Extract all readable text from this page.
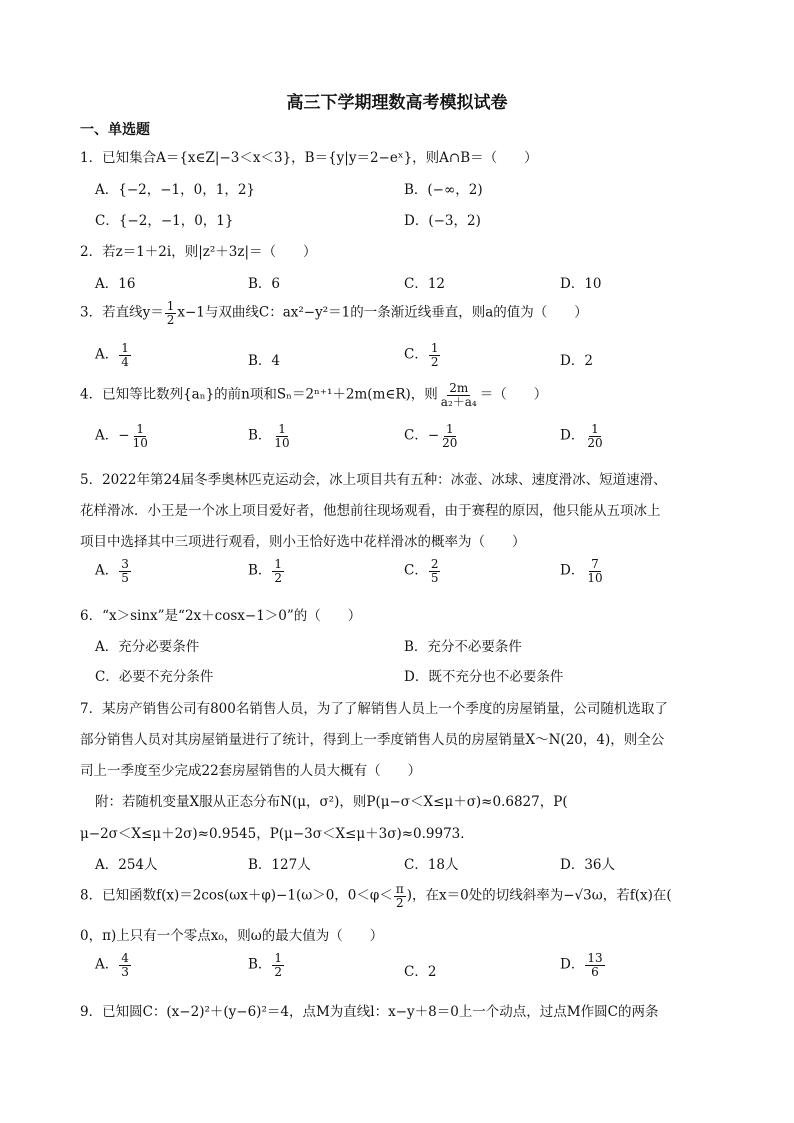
高三下学期理数高考模拟试卷
一、单选题
1．已知集合A＝{x∈Z|−3＜x＜3}，B＝{y|y＝2−eˣ}，则A∩B＝（　　）
A．{−2，−1，0，1，2}	B．(−∞，2)
C．{−2，−1，0，1}	D．(−3，2)
2．若z＝1＋2i，则|z²＋3z|＝（　　）
A．16	B．6	C．12	D．10
3．若直线$y= \frac{1}{2} x-1$与双曲线C：ax²−y²＝1的一条渐近线垂直，则a的值为（　　）
A． $\frac{1}{4}$	B．4	C． $\frac{1}{2}$	D．2
4．已知等比数列{aₙ}的前n项和Sₙ＝2ⁿ⁺¹＋2m(m∈R)，则 $\frac{2m}{\text{a₂＋a₄}}$ ＝（　　）
A．− $\frac{1}{10}$	B． $\frac{1}{10}$	C．− $\frac{1}{20}$	D． $\frac{1}{20}$
5．2022年第24届冬季奥林匹克运动会，冰上项目共有五种：冰壶、冰球、速度滑冰、短道速滑、
花样滑冰．小王是一个冰上项目爱好者，他想前往现场观看，由于赛程的原因，他只能从五项冰上
项目中选择其中三项进行观看，则小王恰好选中花样滑冰的概率为（　　）
A． $\frac{3}{5}$	B． $\frac{1}{2}$	C． $\frac{2}{5}$	D． $\frac{7}{10}$
6．“x＞sinx”是“2x＋cosx−1＞0”的（　　）
A．充分必要条件	B．充分不必要条件
C．必要不充分条件	D．既不充分也不必要条件
7．某房产销售公司有800名销售人员，为了了解销售人员上一个季度的房屋销量，公司随机选取了
部分销售人员对其房屋销量进行了统计，得到上一季度销售人员的房屋销量X～N(20，4)，则全公
司上一季度至少完成22套房屋销售的人员大概有（　　）
附：若随机变量X服从正态分布N(μ，σ²)，则P(μ−σ＜X≤μ＋σ)≈0.6827，P(
μ−2σ＜X≤μ＋2σ)≈0.9545，P(μ−3σ＜X≤μ＋3σ)≈0.9973．
A．254人	B．127人	C．18人	D．36人
8．已知函数f(x)＝2cos(ωx＋φ)−1(ω＞0，$0<\varphi< \frac{\pi}{2}$ )，在x＝0处的切线斜率为−√3ω，若f(x)在(
0，π)上只有一个零点x₀，则ω的最大值为（　　）
A． $\frac{4}{3}$	B． $\frac{1}{2}$	C．2	D． $\frac{13}{6}$
9．已知圆C：(x−2)²＋(y−6)²＝4，点M为直线l：x−y＋8＝0上一个动点，过点M作圆C的两条
